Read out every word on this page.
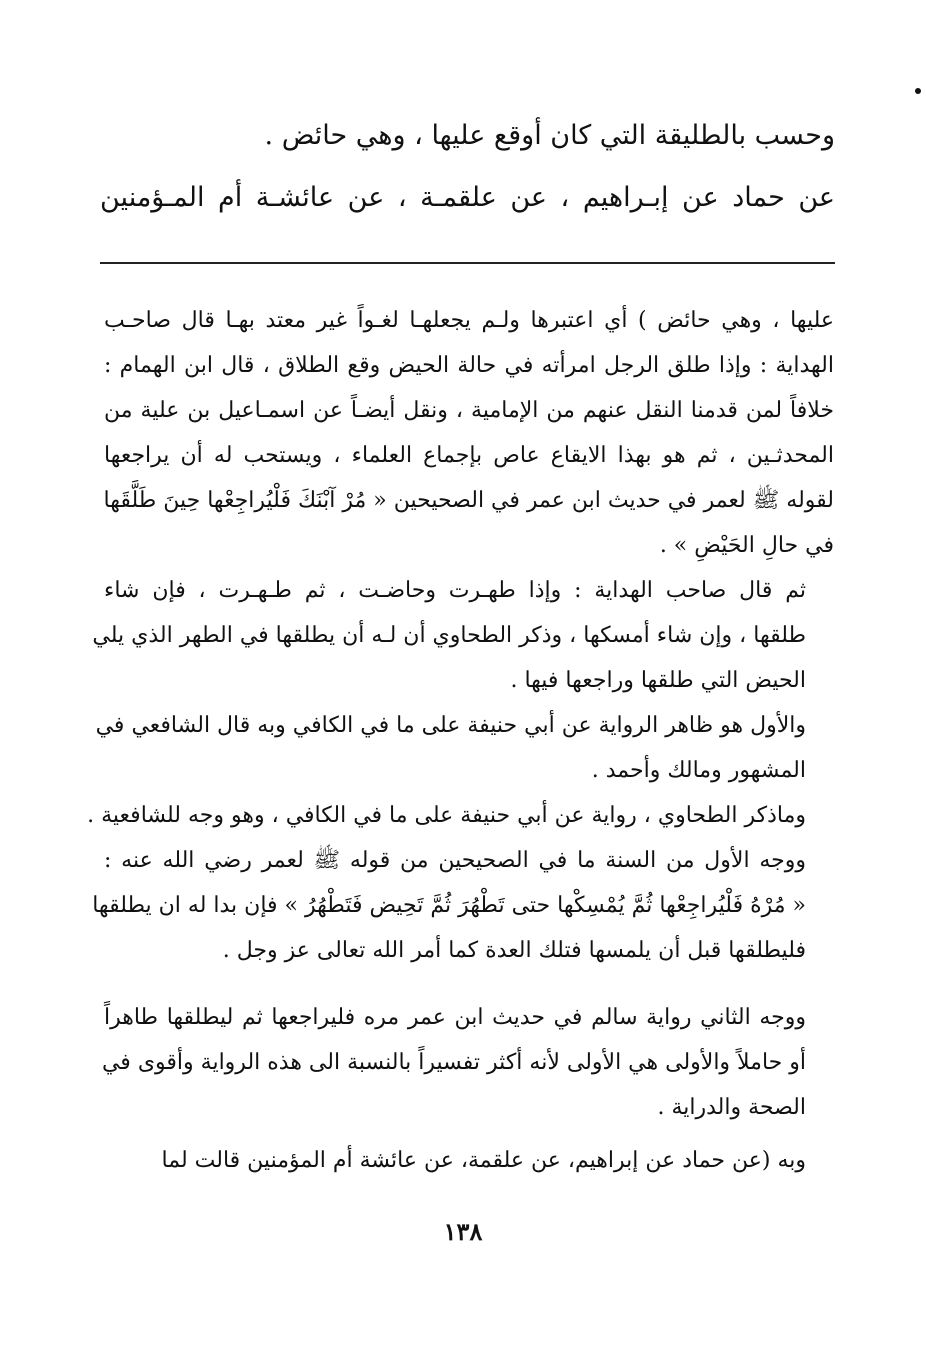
وحسب بالطليقة التي كان أوقع عليها ، وهي حائض .
عن حماد عن إبـراهيم ، عن علقمـة ، عن عائشـة أم المـؤمنين
عليها ، وهي حائض ) أي اعتبرها ولـم يجعلهـا لغـواً غير معتد بهـا قال صاحـب
الهداية : وإذا طلق الرجل امرأته في حالة الحيض وقع الطلاق ، قال ابن الهمام :
خلافاً لمن قدمنا النقل عنهم من الإمامية ، ونقل أيضـاً عن اسمـاعيل بن علية من
المحدثـين ، ثم هو بهذا الايقاع عاص بإجماع العلماء ، ويستحب له أن يراجعها
لقوله ﷺ لعمر في حديث ابن عمر في الصحيحين « مُرْ آبْنَكَ فَلْيُراجِعْها حِينَ طَلَّقَها
في حالِ الحَيْضِ » .
ثم قال صاحب الهداية : وإذا طهـرت وحاضـت ، ثم طـهـرت ، فإن شاء
طلقها ، وإن شاء أمسكها ، وذكر الطحاوي أن لـه أن يطلقها في الطهر الذي يلي
الحيض التي طلقها وراجعها فيها .
والأول هو ظاهر الرواية عن أبي حنيفة على ما في الكافي وبه قال الشافعي في
المشهور ومالك وأحمد .
وماذكر الطحاوي ، رواية عن أبي حنيفة على ما في الكافي ، وهو وجه للشافعية .
ووجه الأول من السنة ما في الصحيحين من قوله ﷺ لعمر رضي الله عنه :
« مُرْهُ فَلْيُراجِعْها ثُمَّ يُمْسِكْها حتى تَطْهُرَ ثُمَّ تَحِيض فَتَطْهُرُ » فإن بدا له ان يطلقها
فليطلقها قبل أن يلمسها فتلك العدة كما أمر الله تعالى عز وجل .
ووجه الثاني رواية سالم في حديث ابن عمر مره فليراجعها ثم ليطلقها طاهراً
أو حاملاً والأولى هي الأولى لأنه أكثر تفسيراً بالنسبة الى هذه الرواية وأقوى في
الصحة والدراية .
وبه (عن حماد عن إبراهيم، عن علقمة، عن عائشة أم المؤمنين قالت لما
١٣٨
